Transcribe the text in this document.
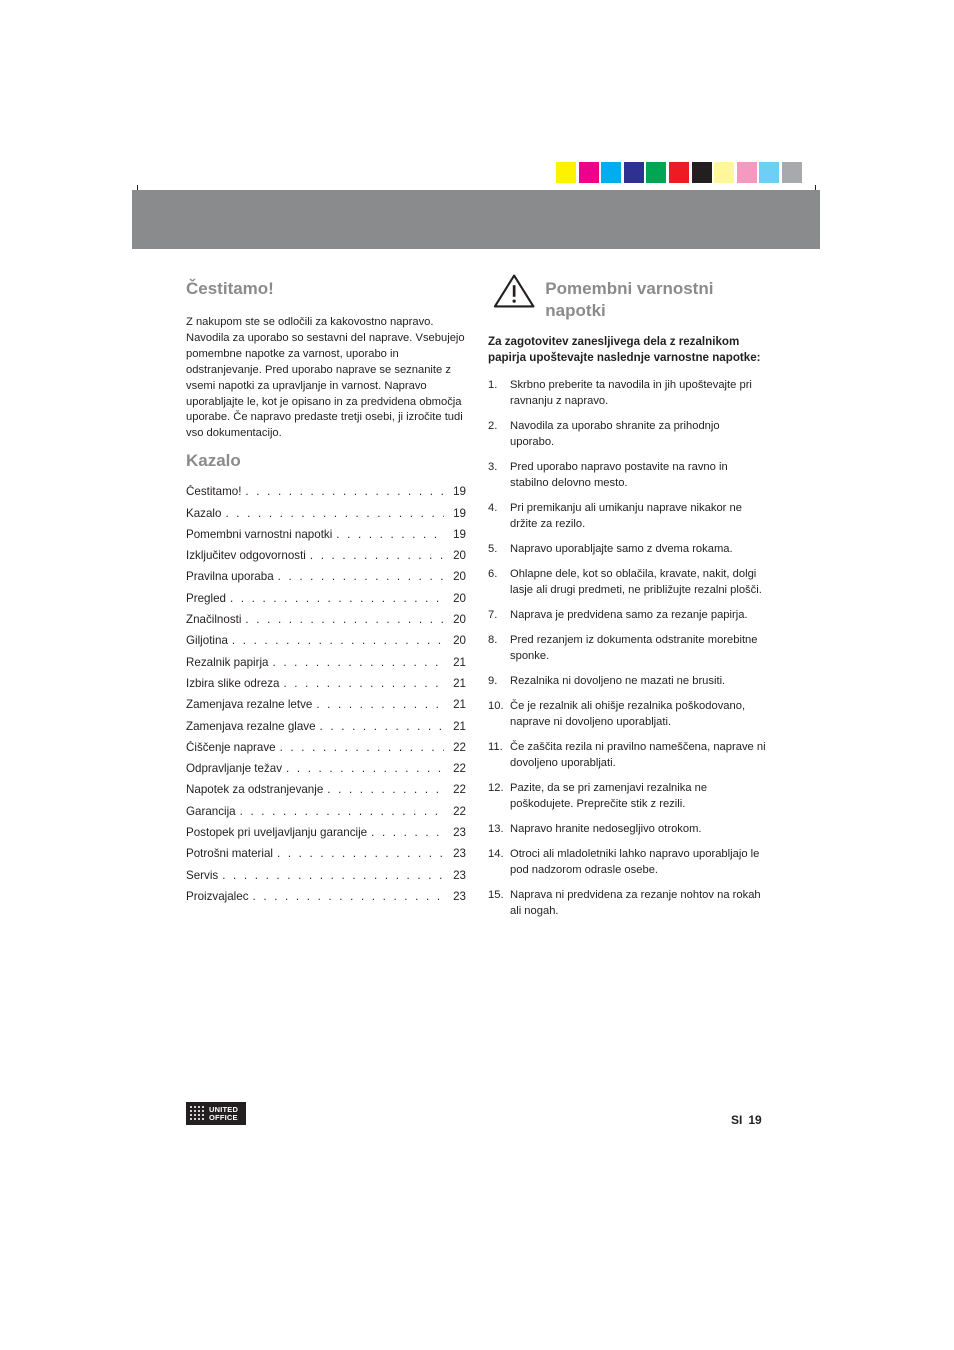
Čestitamo!

Z nakupom ste se odločili za kakovostno napravo. Navodila za uporabo so sestavni del naprave. Vsebujejo pomembne napotke za varnost, uporabo in odstranjevanje. Pred uporabo naprave se seznanite z vsemi napotki za upravljanje in varnost. Napravo uporabljajte le, kot je opisano in za predvidena območja uporabe. Če napravo predaste tretji osebi, ji izročite tudi vso dokumentacijo.

Kazalo
Čestitamo! . . .	19
Kazalo . . .	19
Pomembni varnostni napotki . . .	19
Izključitev odgovornosti . . .	20
Pravilna uporaba . . .	20
Pregled . . .	20
Značilnosti . . .	20
Giljotina . . .	20
Rezalnik papirja . . .	21
Izbira slike odreza . . .	21
Zamenjava rezalne letve . . .	21
Zamenjava rezalne glave . . .	21
Čiščenje naprave . . .	22
Odpravljanje težav . . .	22
Napotek za odstranjevanje . . .	22
Garancija . . .	22
Postopek pri uveljavljanju garancije . . .	23
Potrošni material . . .	23
Servis . . .	23
Proizvajalec . . .	23
Pomembni varnostni napotki

Za zagotovitev zanesljivega dela z rezalnikom papirja upoštevajte naslednje varnostne napotke:

1.	Skrbno preberite ta navodila in jih upoštevajte pri ravnanju z napravo.
2.	Navodila za uporabo shranite za prihodnjo uporabo.
3.	Pred uporabo napravo postavite na ravno in stabilno delovno mesto.
4.	Pri premikanju ali umikanju naprave nikakor ne držite za rezilo.
5.	Napravo uporabljajte samo z dvema rokama.
6.	Ohlapne dele, kot so oblačila, kravate, nakit, dolgi lasje ali drugi predmeti, ne približujte rezalni plošči.
7.	Naprava je predvidena samo za rezanje papirja.
8.	Pred rezanjem iz dokumenta odstranite morebitne sponke.
9.	Rezalnika ni dovoljeno ne mazati ne brusiti.
10. Če je rezalnik ali ohišje rezalnika poškodovano, naprave ni dovoljeno uporabljati.
11. Če zaščita rezila ni pravilno nameščena, naprave ni dovoljeno uporabljati.
12. Pazite, da se pri zamenjavi rezalnika ne poškodujete. Preprečite stik z rezili.
13. Napravo hranite nedosegljivo otrokom.
14. Otroci ali mladoletniki lahko napravo uporabljajo le pod nadzorom odrasle osebe.
15. Naprava ni predvidena za rezanje nohtov na rokah ali nogah.
UNITED
OFFICE	SI 19
